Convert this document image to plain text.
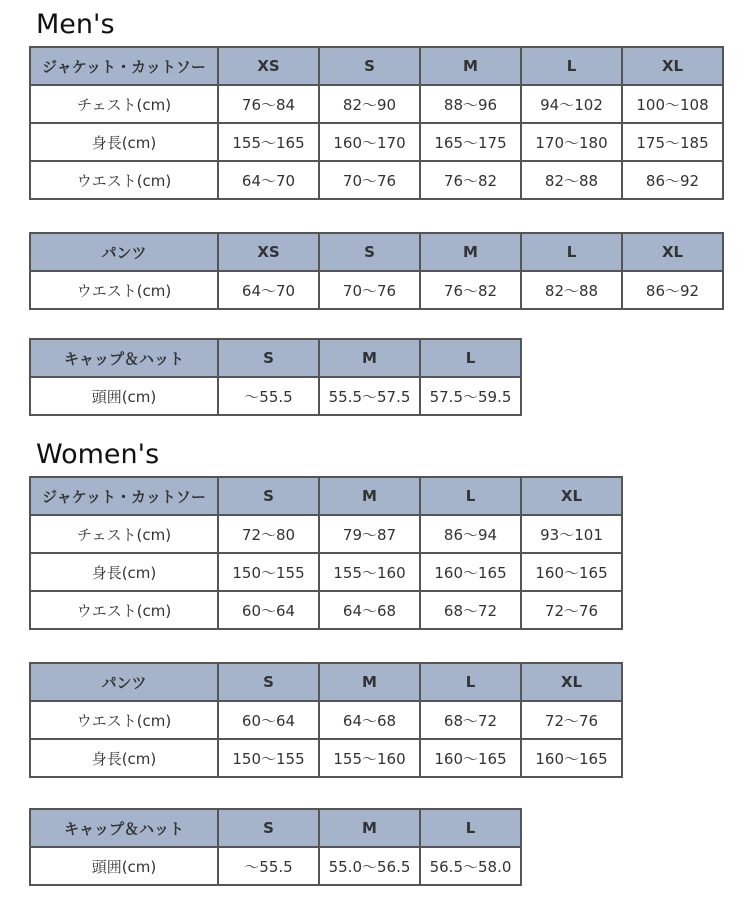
Men's
ジャケット・カットソー	XS	S	M	L	XL
チェスト(cm)	76～84	82～90	88～96	94～102	100～108
身長(cm)	155～165	160～170	165～175	170～180	175～185
ウエスト(cm)	64～70	70～76	76～82	82～88	86～92
パンツ	XS	S	M	L	XL
ウエスト(cm)	64～70	70～76	76～82	82～88	86～92
キャップ＆ハット	S	M	L
頭囲(cm)	～55.5	55.5～57.5	57.5～59.5
Women's
ジャケット・カットソー	S	M	L	XL
チェスト(cm)	72～80	79～87	86～94	93～101
身長(cm)	150～155	155～160	160～165	160～165
ウエスト(cm)	60～64	64～68	68～72	72～76
パンツ	S	M	L	XL
ウエスト(cm)	60～64	64～68	68～72	72～76
身長(cm)	150～155	155～160	160～165	160～165
キャップ＆ハット	S	M	L
頭囲(cm)	～55.5	55.0～56.5	56.5～58.0
